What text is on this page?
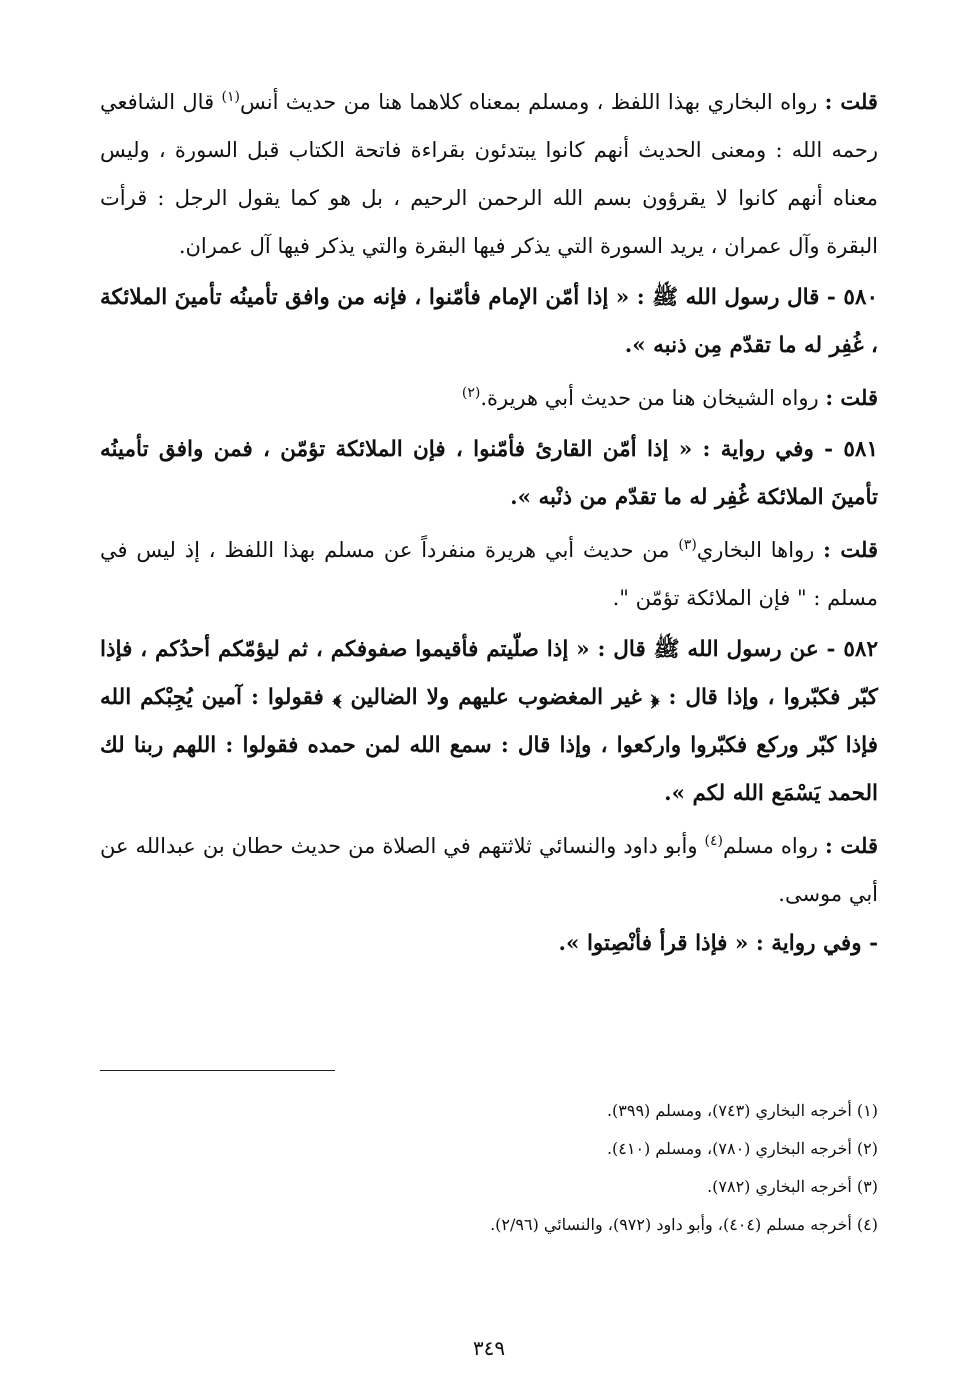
قلت : رواه البخاري بهذا اللفظ ، ومسلم بمعناه كلاهما هنا من حديث أنس$^{(١)}$ قال الشافعي رحمه الله : ومعنى الحديث أنهم كانوا يبتدئون بقراءة فاتحة الكتاب قبل السورة ، وليس معناه أنهم كانوا لا يقرؤون بسم الله الرحمن الرحيم ، بل هو كما يقول الرجل : قرأت البقرة وآل عمران ، يريد السورة التي يذكر فيها البقرة والتي يذكر فيها آل عمران.

٥٨٠ - قال رسول الله ﷺ : « إذا أمّن الإمام فأمّنوا ، فإنه من وافق تأمينُه تأمينَ الملائكة ، غُفِر له ما تقدّم مِن ذنبه ».

قلت : رواه الشيخان هنا من حديث أبي هريرة.$^{(٢)}$

٥٨١ - وفي رواية : « إذا أمّن القارئ فأمّنوا ، فإن الملائكة تؤمّن ، فمن وافق تأمينُه تأمينَ الملائكة غُفِر له ما تقدّم من ذنْبه ».

قلت : رواها البخاري$^{(٣)}$ من حديث أبي هريرة منفرداً عن مسلم بهذا اللفظ ، إذ ليس في مسلم : " فإن الملائكة تؤمّن ".

٥٨٢ - عن رسول الله ﷺ قال : « إذا صلّيتم فأقيموا صفوفكم ، ثم ليؤمّكم أحدُكم ، فإذا كبّر فكبّروا ، وإذا قال : ﴿ غير المغضوب عليهم ولا الضالين ﴾ فقولوا : آمين يُجِبْكم الله فإذا كبّر وركع فكبّروا واركعوا ، وإذا قال : سمع الله لمن حمده فقولوا : اللهم ربنا لك الحمد يَسْمَع الله لكم ».

قلت : رواه مسلم$^{(٤)}$ وأبو داود والنسائي ثلاثتهم في الصلاة من حديث حطان بن عبدالله عن أبي موسى.

- وفي رواية : « فإذا قرأ فأنْصِتوا ».

(١) أخرجه البخاري (٧٤٣)، ومسلم (٣٩٩).

(٢) أخرجه البخاري (٧٨٠)، ومسلم (٤١٠).

(٣) أخرجه البخاري (٧٨٢).

(٤) أخرجه مسلم (٤٠٤)، وأبو داود (٩٧٢)، والنسائي (٢/٩٦).

٣٤٩
